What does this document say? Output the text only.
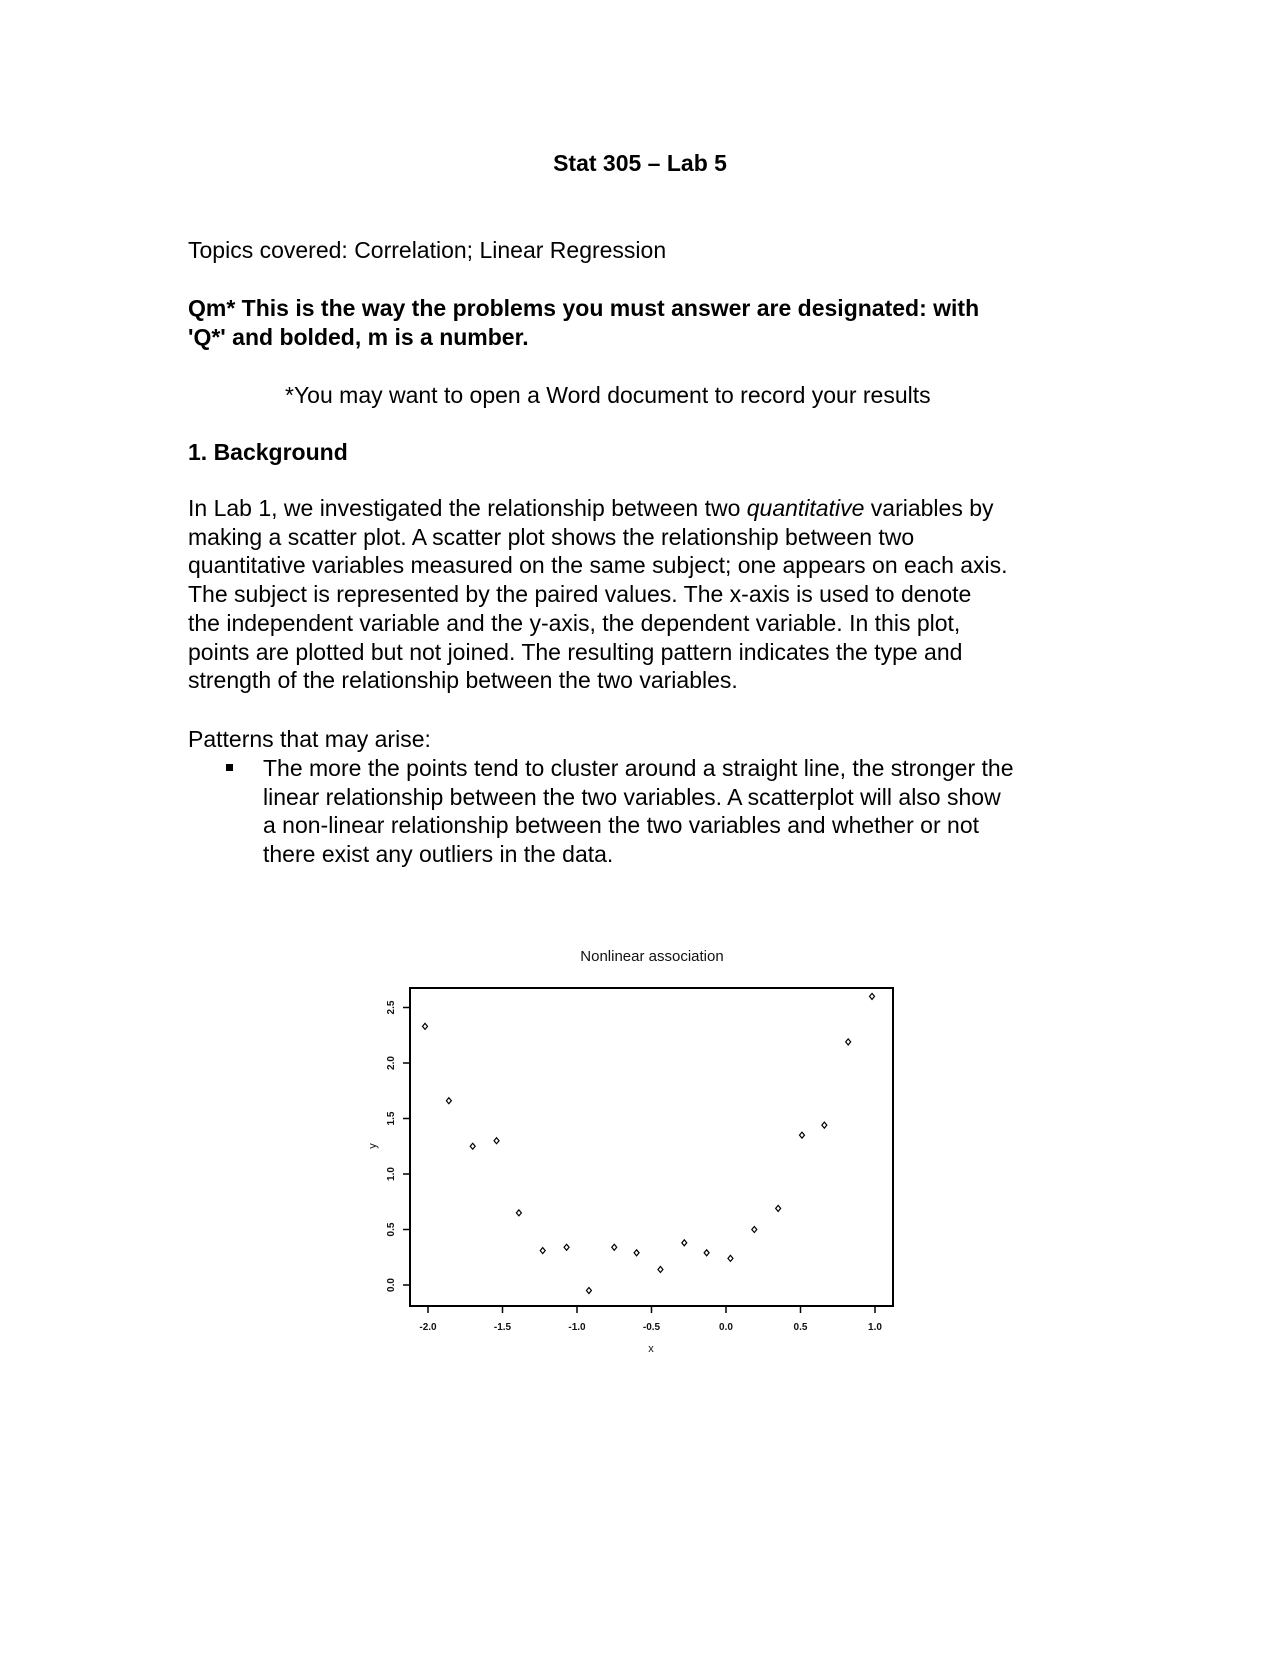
Stat 305 – Lab 5
Topics covered: Correlation; Linear Regression
Qm* This is the way the problems you must answer are designated: with
'Q*' and bolded, m is a number.
*You may want to open a Word document to record your results
1. Background
In Lab 1, we investigated the relationship between two quantitative variables by
making a scatter plot. A scatter plot shows the relationship between two
quantitative variables measured on the same subject; one appears on each axis.
The subject is represented by the paired values. The x-axis is used to denote
the independent variable and the y-axis, the dependent variable. In this plot,
points are plotted but not joined. The resulting pattern indicates the type and
strength of the relationship between the two variables.
Patterns that may arise:
The more the points tend to cluster around a straight line, the stronger the
linear relationship between the two variables. A scatterplot will also show
a non-linear relationship between the two variables and whether or not
there exist any outliers in the data.
Nonlinear association
-2.0	-1.5	-1.0	-0.5	0.0	0.5	1.0
0.0
0.5
1.0
1.5
2.0
2.5
x
y
